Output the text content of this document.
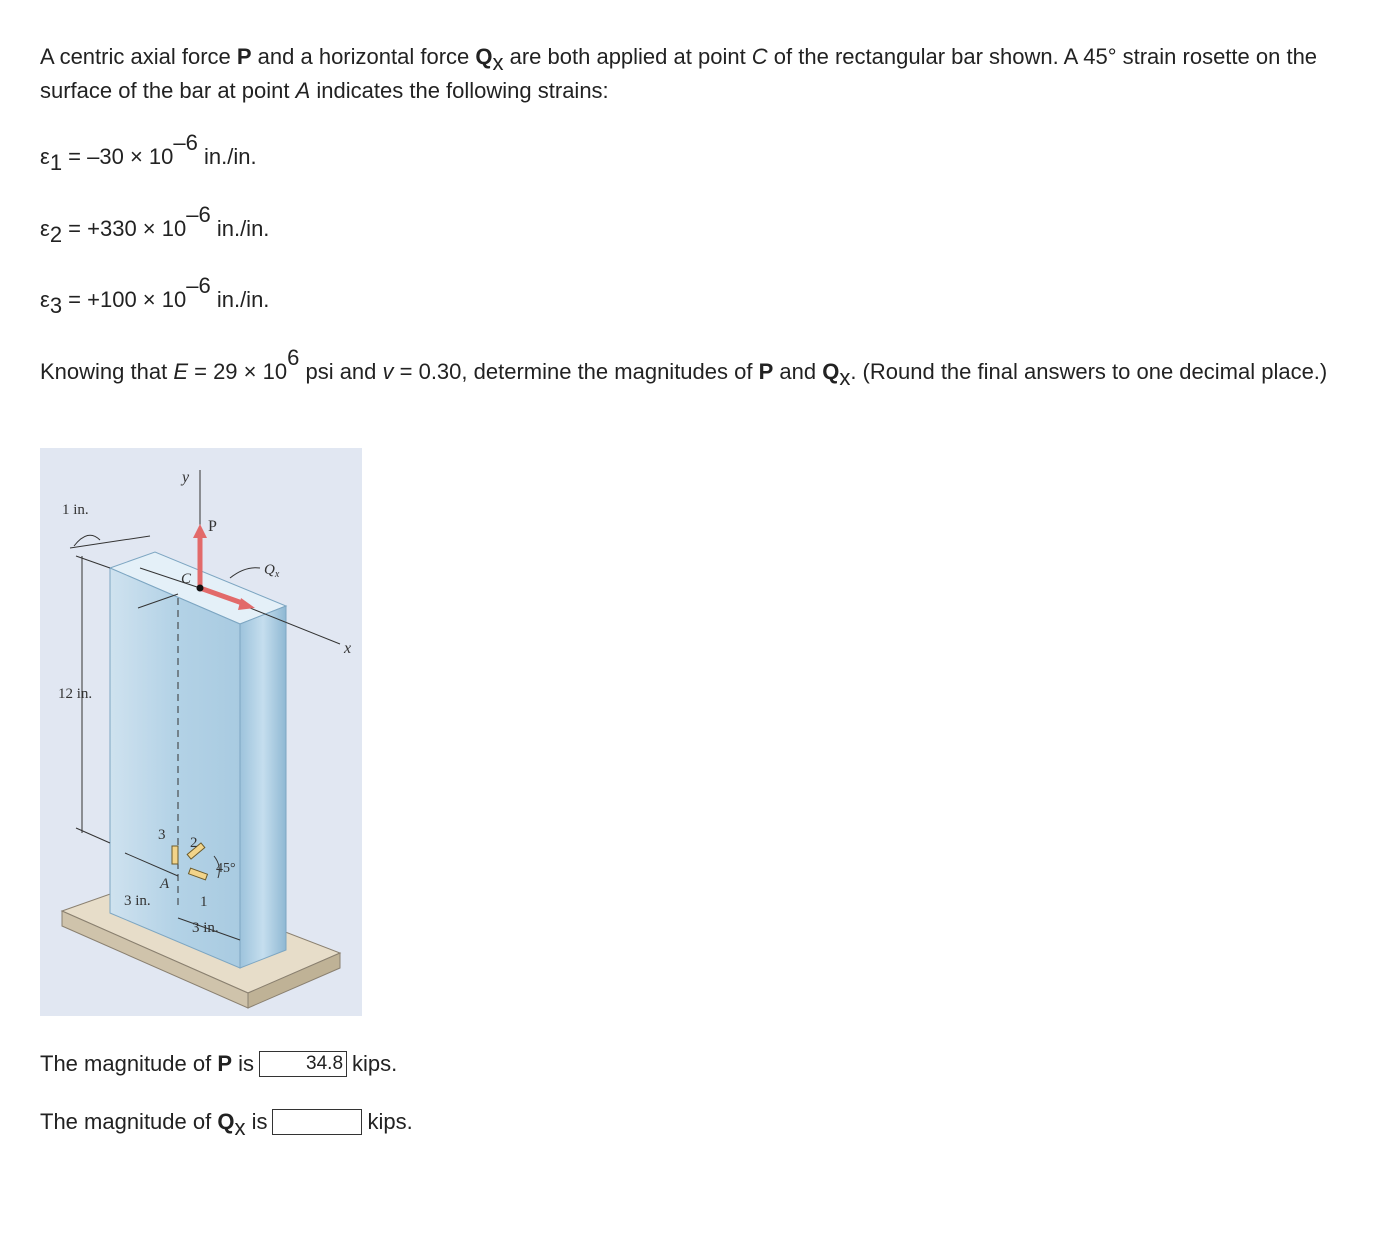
A centric axial force P and a horizontal force Qx are both applied at point C of the rectangular bar shown. A 45° strain rosette on the surface of the bar at point A indicates the following strains:

ε1 = –30 × 10–6 in./in.

ε2 = +330 × 10–6 in./in.

ε3 = +100 × 10–6 in./in.

Knowing that E = 29 × 106 psi and v = 0.30, determine the magnitudes of P and Qx. (Round the final answers to one decimal place.)

y
x
P
$Q_x$
C
1 in.
12 in.
3 in.
3 in.
3 2
1
A
45°
The magnitude of P is	34.8 kips.
The magnitude of Q x is	kips.
